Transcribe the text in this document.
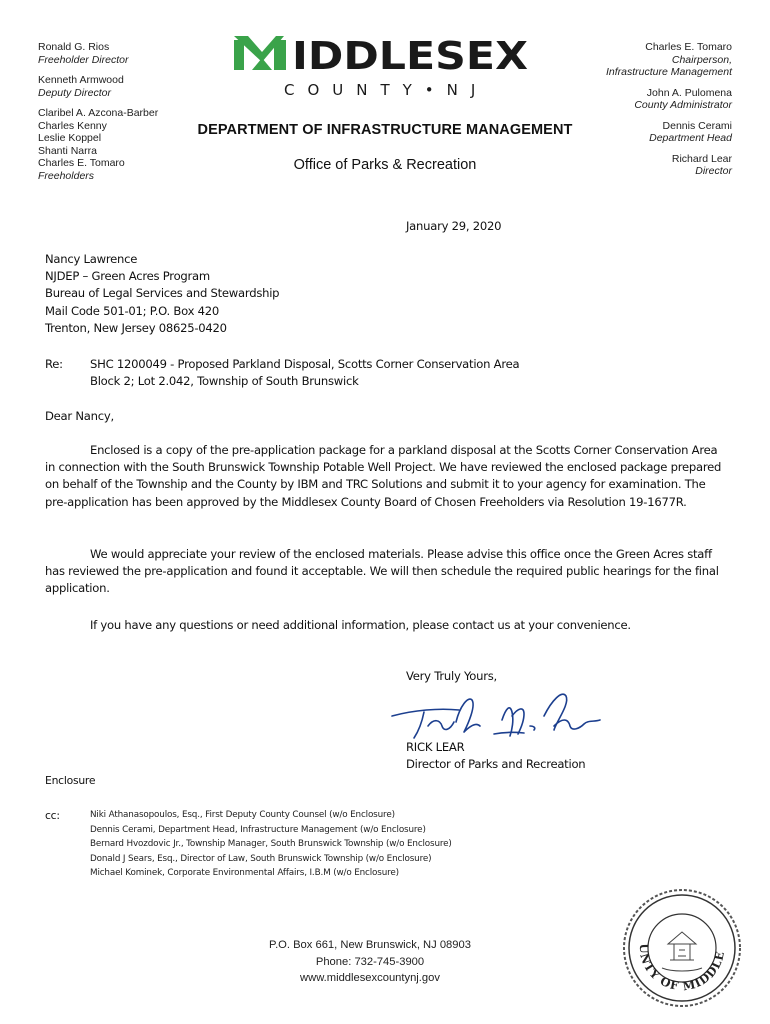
Ronald G. Rios
Freeholder Director
Kenneth Armwood
Deputy Director
Claribel A. Azcona-Barber
Charles Kenny
Leslie Koppel
Shanti Narra
Charles E. Tomaro
Freeholders
IDDLESEX
COUNTY•NJ
DEPARTMENT OF INFRASTRUCTURE MANAGEMENT
Office of Parks & Recreation
Charles E. Tomaro
Chairperson,
Infrastructure Management
John A. Pulomena
County Administrator
Dennis Cerami
Department Head
Richard Lear
Director
January 29, 2020
Nancy Lawrence
NJDEP – Green Acres Program
Bureau of Legal Services and Stewardship
Mail Code 501-01; P.O. Box 420
Trenton, New Jersey 08625-0420
Re: SHC 1200049 - Proposed Parkland Disposal, Scotts Corner Conservation Area
Block 2; Lot 2.042, Township of South Brunswick
Dear Nancy,
Enclosed is a copy of the pre-application package for a parkland disposal at the Scotts Corner Conservation Area in connection with the South Brunswick Township Potable Well Project. We have reviewed the enclosed package prepared on behalf of the Township and the County by IBM and TRC Solutions and submit it to your agency for examination. The pre-application has been approved by the Middlesex County Board of Chosen Freeholders via Resolution 19-1677R.
We would appreciate your review of the enclosed materials. Please advise this office once the Green Acres staff has reviewed the pre-application and found it acceptable. We will then schedule the required public hearings for the final application.
If you have any questions or need additional information, please contact us at your convenience.
Very Truly Yours,
RICK LEAR
Director of Parks and Recreation
Enclosure
cc:	Niki Athanasopoulos, Esq., First Deputy County Counsel (w/o Enclosure)
Dennis Cerami, Department Head, Infrastructure Management (w/o Enclosure)
Bernard Hvozdovic Jr., Township Manager, South Brunswick Township (w/o Enclosure)
Donald J Sears, Esq., Director of Law, South Brunswick Township (w/o Enclosure)
Michael Kominek, Corporate Environmental Affairs, I.B.M (w/o Enclosure)
P.O. Box 661, New Brunswick, NJ 08903
Phone: 732-745-3900
www.middlesexcountynj.gov
UNTY OF MIDDLE
